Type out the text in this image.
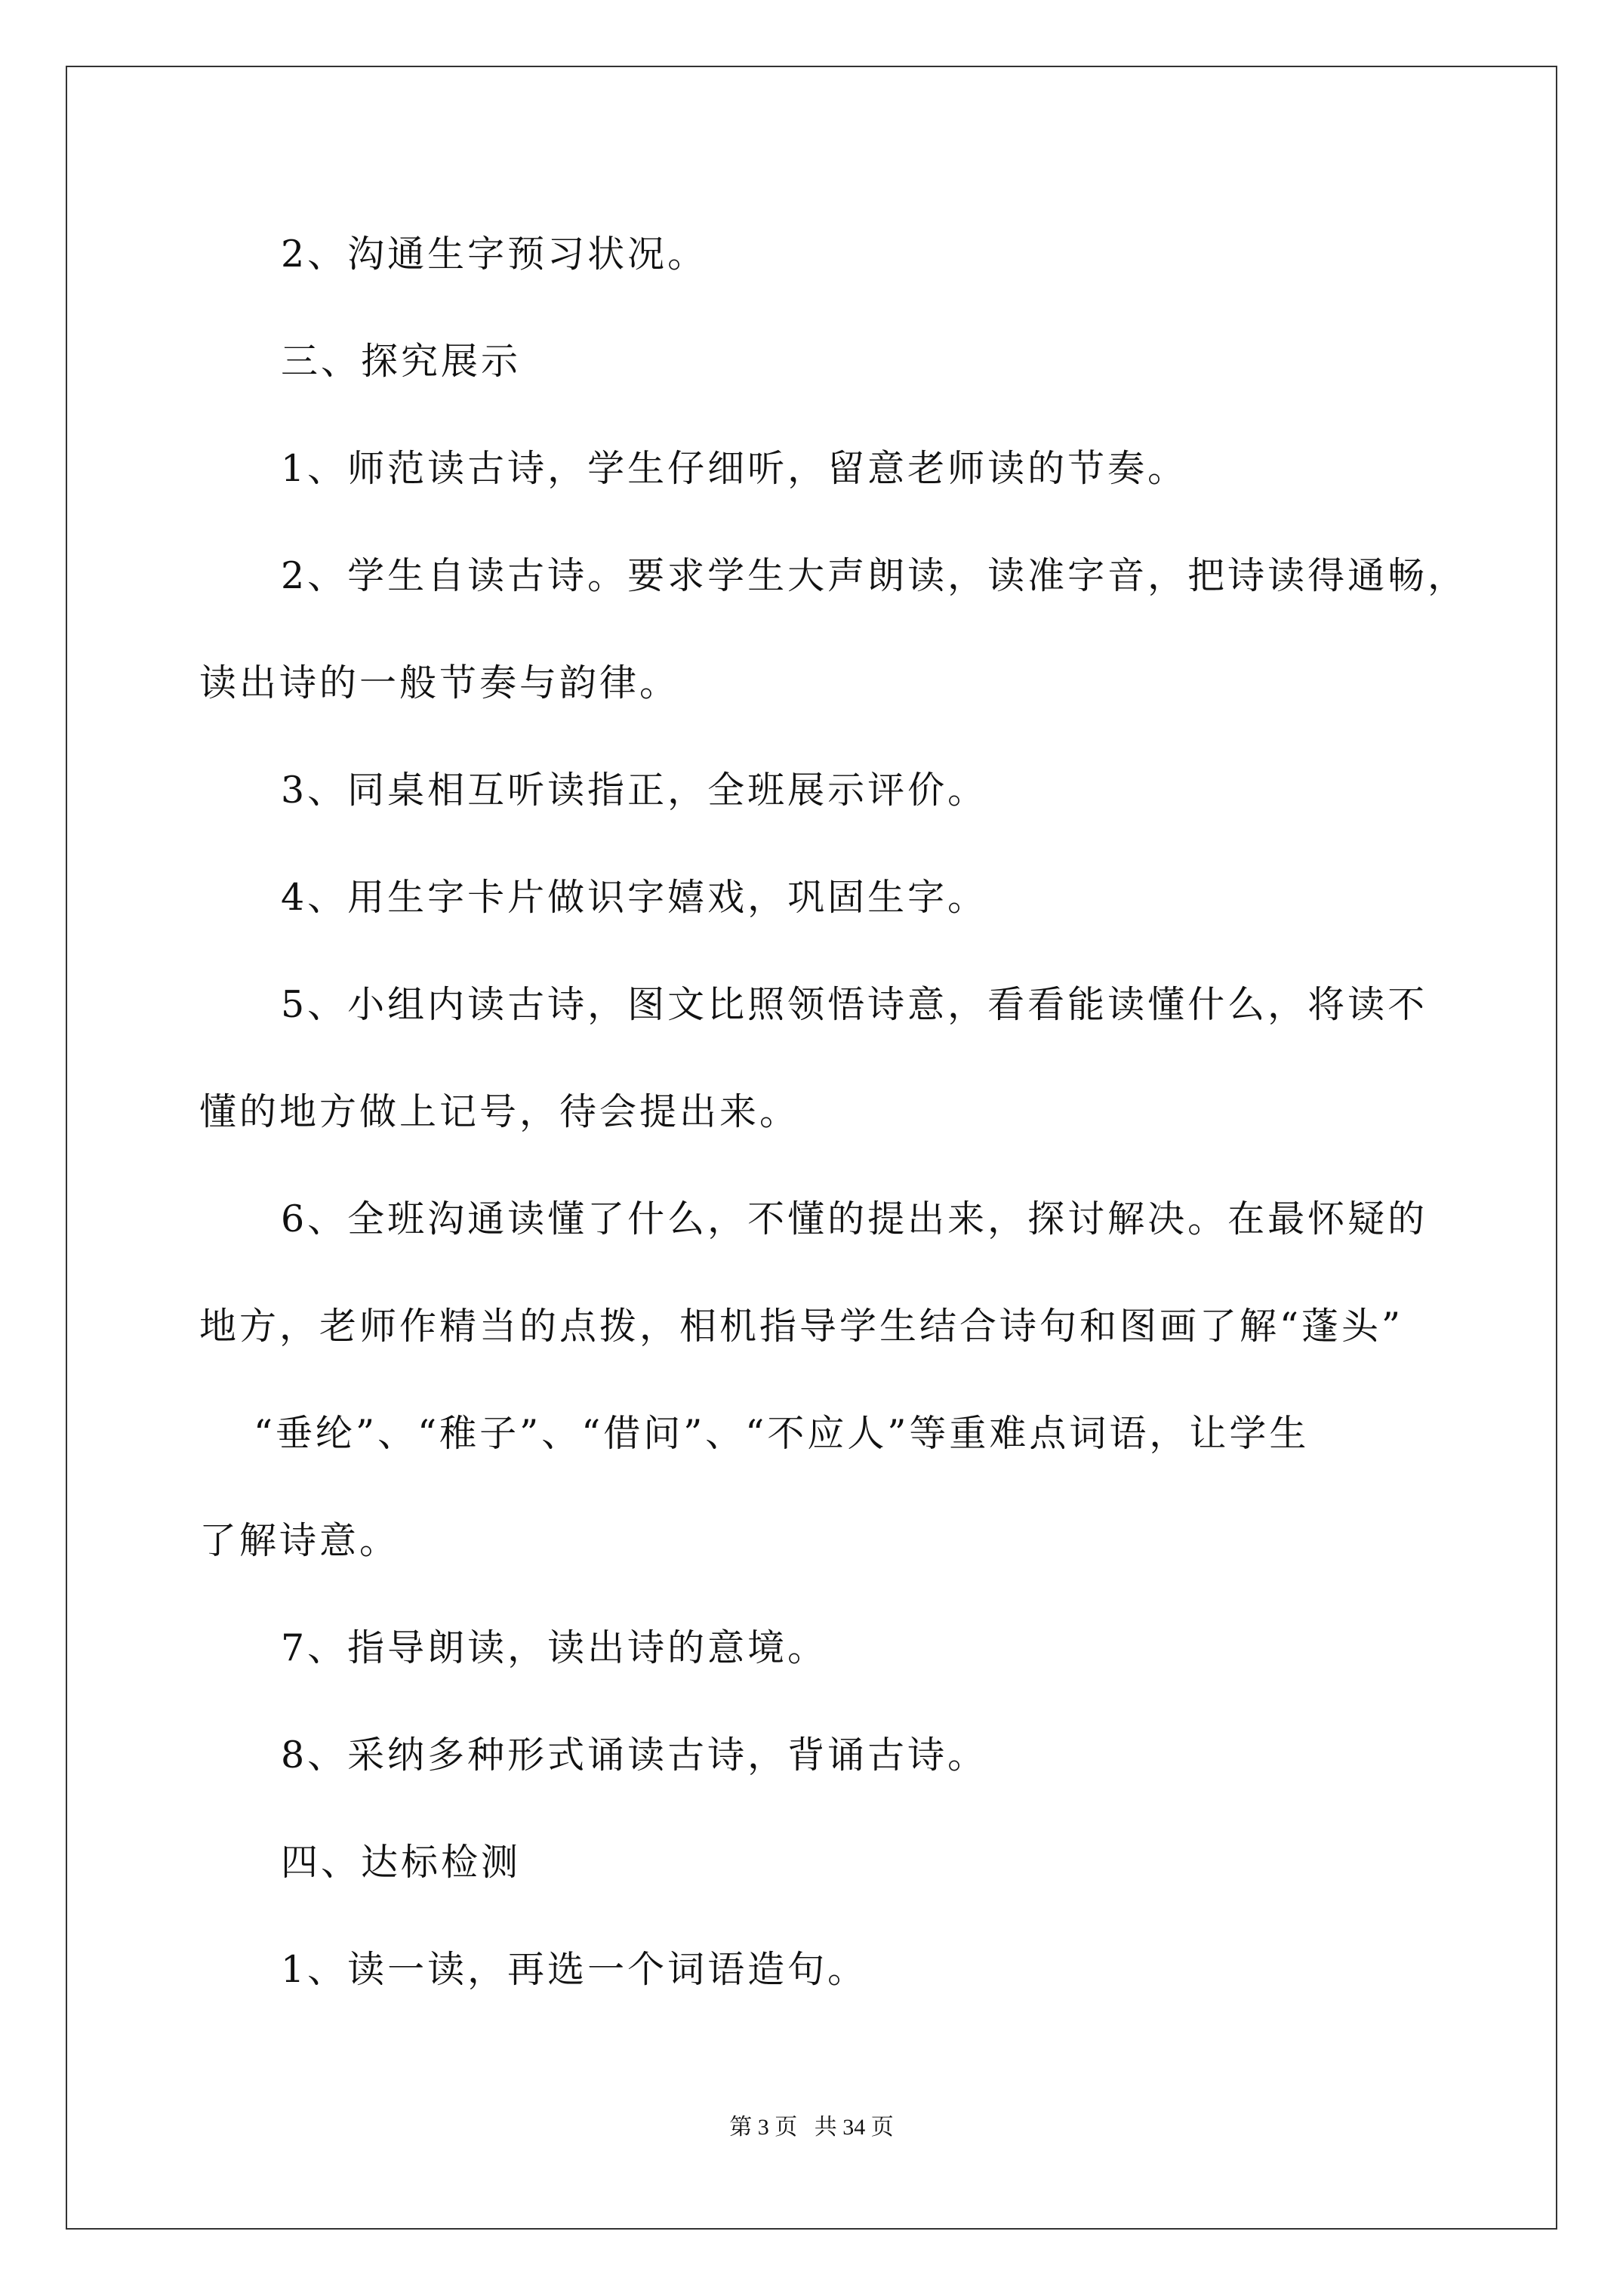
2、沟通生字预习状况。
三、探究展示
1、师范读古诗，学生仔细听，留意老师读的节奏。
2、学生自读古诗。要求学生大声朗读，读准字音，把诗读得通畅，
读出诗的一般节奏与韵律。
3、同桌相互听读指正，全班展示评价。
4、用生字卡片做识字嬉戏，巩固生字。
5、小组内读古诗，图文比照领悟诗意，看看能读懂什么，将读不
懂的地方做上记号，待会提出来。
6、全班沟通读懂了什么，不懂的提出来，探讨解决。在最怀疑的
地方，老师作精当的点拨，相机指导学生结合诗句和图画了解“蓬头”
“垂纶”、“稚子”、“借问”、“不应人”等重难点词语，让学生
了解诗意。
7、指导朗读，读出诗的意境。
8、采纳多种形式诵读古诗，背诵古诗。
四、达标检测
1、读一读，再选一个词语造句。
第 3 页   共 34 页
